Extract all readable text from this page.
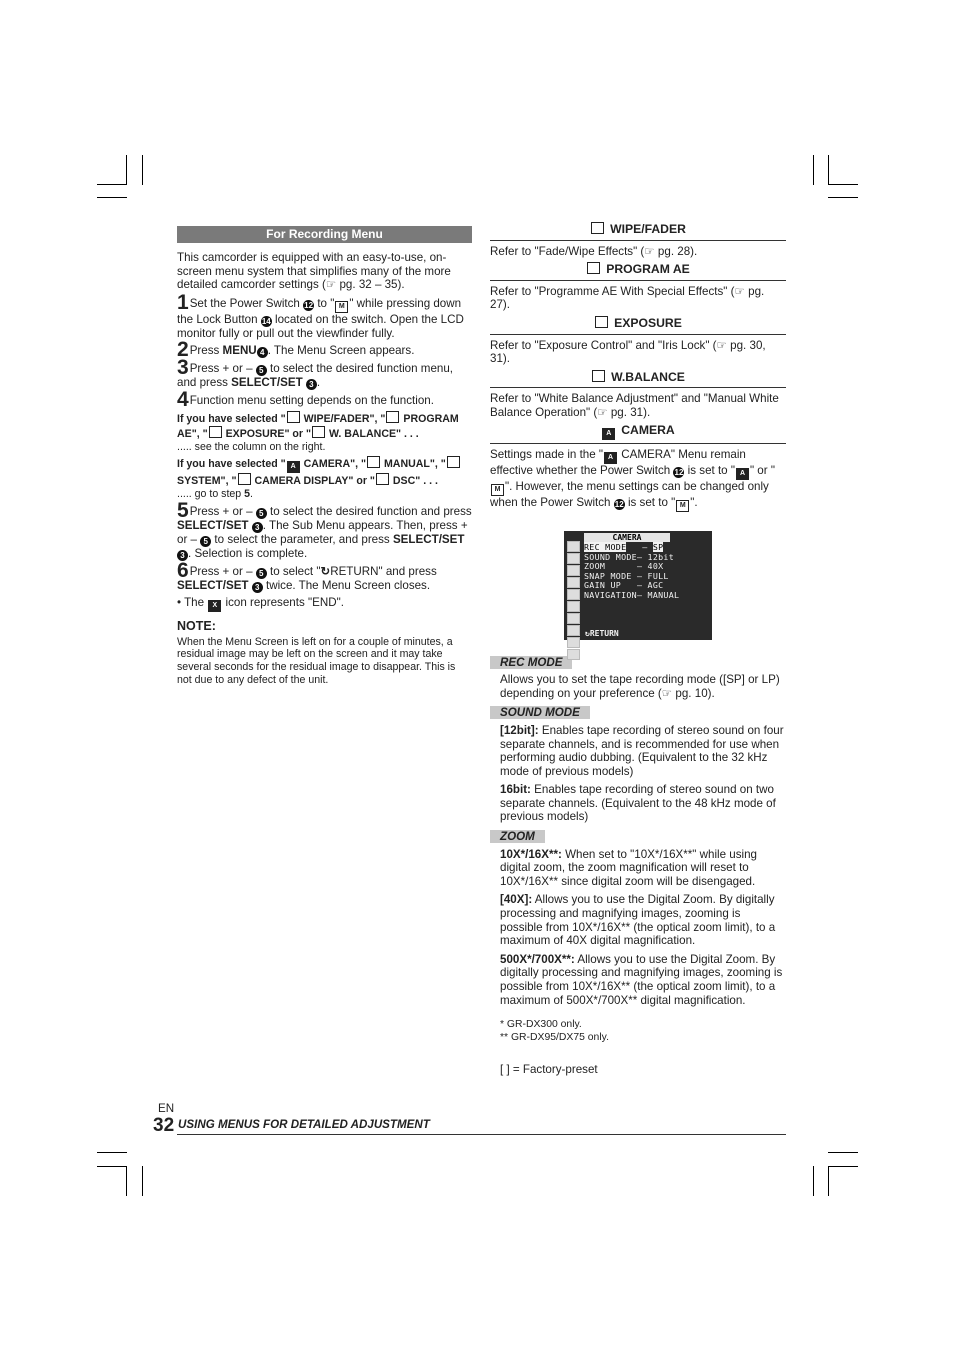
For Recording Menu

This camcorder is equipped with an easy-to-use, on-screen menu system that simplifies many of the more detailed camcorder settings (☞ pg. 32 – 35).

1Set the Power Switch 12 to " M " while pressing down the Lock Button 14 located on the switch. Open the LCD monitor fully or pull out the viewfinder fully.

2Press MENU 4 . The Menu Screen appears.

3Press + or – 5 to select the desired function menu, and press SELECT/SET 3 .

4Function menu setting depends on the function.

If you have selected " WIPE/FADER", " PROGRAM AE", " EXPOSURE" or " W. BALANCE" . . .
..... see the column on the right.

If you have selected " A CAMERA", " MANUAL", " SYSTEM", " CAMERA DISPLAY" or " DSC" . . .
..... go to step 5.

5Press + or – 5 to select the desired function and press SELECT/SET 3 . The Sub Menu appears. Then, press + or – 5 to select the parameter, and press SELECT/SET 3 . Selection is complete.

6Press + or – 5 to select "↻RETURN" and press SELECT/SET 3 twice. The Menu Screen closes.

• The X icon represents "END".

NOTE:

When the Menu Screen is left on for a couple of minutes, a residual image may be left on the screen and it may take several seconds for the residual image to disappear. This is not due to any defect of the unit.

WIPE/FADER

Refer to "Fade/Wipe Effects" (☞ pg. 28).

PROGRAM AE

Refer to "Programme AE With Special Effects" (☞ pg. 27).

EXPOSURE

Refer to "Exposure Control" and "Iris Lock" (☞ pg. 30, 31).

W.BALANCE

Refer to "White Balance Adjustment" and "Manual White Balance Operation" (☞ pg. 31).

A CAMERA

Settings made in the " A CAMERA" Menu remain effective whether the Power Switch 12 is set to " A " or "M ". However, the menu settings can be changed only when the Power Switch 12 is set to " M ".

REC MODE

Allows you to set the tape recording mode ([SP] or LP) depending on your preference (☞ pg. 10).

SOUND MODE

[12bit]: Enables tape recording of stereo sound on four separate channels, and is recommended for use when performing audio dubbing. (Equivalent to the 32 kHz mode of previous models)

16bit: Enables tape recording of stereo sound on two separate channels. (Equivalent to the 48 kHz mode of previous models)

ZOOM

10X*/16X**: When set to "10X*/16X**" while using digital zoom, the zoom magnification will reset to 10X*/16X** since digital zoom will be disengaged.

[40X]: Allows you to use the Digital Zoom. By digitally processing and magnifying images, zooming is possible from 10X*/16X** (the optical zoom limit), to a maximum of 40X digital magnification.

500X*/700X**: Allows you to use the Digital Zoom. By digitally processing and magnifying images, zooming is possible from 10X*/16X** (the optical zoom limit), to a maximum of 500X*/700X** digital magnification.

* GR-DX300 only.

** GR-DX95/DX75 only.

[ ] = Factory-preset

CAMERA
REC MODE   – SP
SOUND MODE– 12bit
ZOOM      – 40X
SNAP MODE – FULL
GAIN UP   – AGC
NAVIGATION– MANUAL
↻RETURN
EN
32 USING MENUS FOR DETAILED ADJUSTMENT
